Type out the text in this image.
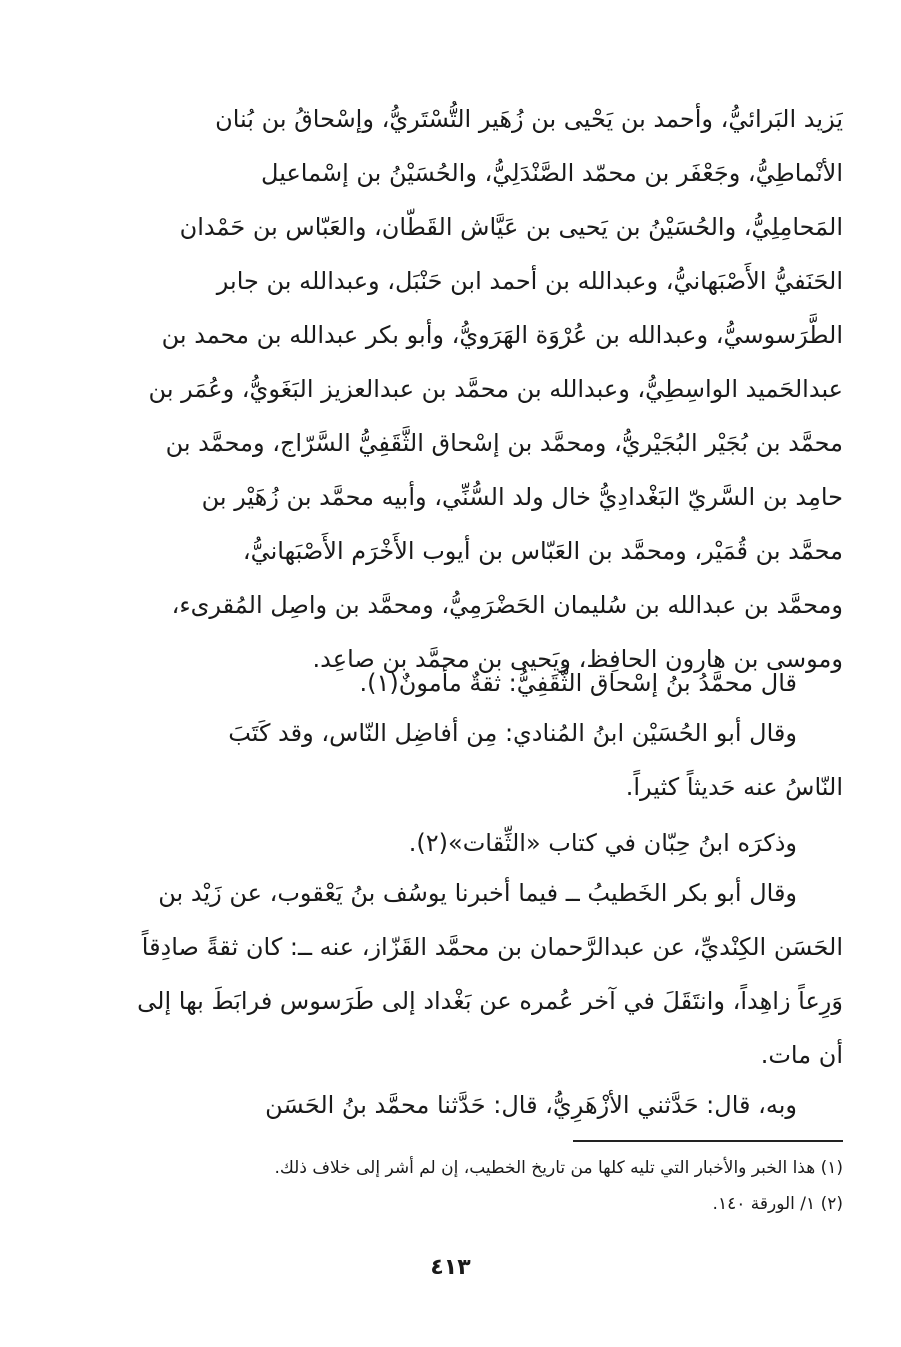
يَزيد البَرائيُّ، وأحمد بن يَحْيى بن زُهَير التُّسْتَريُّ، وإسْحاقُ بن بُنان
الأنْماطِيُّ، وجَعْفَر بن محمّد الصَّنْدَلِيُّ، والحُسَيْنُ بن إسْماعيل
المَحامِلِيُّ، والحُسَيْنُ بن يَحيى بن عَيَّاش القَطّان، والعَبّاس بن حَمْدان
الحَنَفيُّ الأَصْبَهانيُّ، وعبدالله بن أحمد ابن حَنْبَل، وعبدالله بن جابر
الطَّرَسوسيُّ، وعبدالله بن عُرْوَة الهَرَويُّ، وأبو بكر عبدالله بن محمد بن
عبدالحَميد الواسِطِيُّ، وعبدالله بن محمَّد بن عبدالعزيز البَغَويُّ، وعُمَر بن
محمَّد بن بُجَيْر البُجَيْريُّ، ومحمَّد بن إسْحاق الثَّقَفِيُّ السَّرّاج، ومحمَّد بن
حامِد بن السَّريّ البَغْدادِيُّ خال ولد السُّنِّي، وأبيه محمَّد بن زُهَيْر بن
محمَّد بن قُمَيْر، ومحمَّد بن العَبّاس بن أيوب الأَخْرَم الأَصْبَهانيُّ،
ومحمَّد بن عبدالله بن سُليمان الحَضْرَمِيُّ، ومحمَّد بن واصِل المُقرىء،
وموسى بن هارون الحافِظ، ويَحيى بن محمَّد بن صاعِد.
قال محمَّدُ بنُ إسْحاق الثَّقَفِيُّ: ثقةٌ مأمونٌ(١).
وقال أبو الحُسَيْن ابنُ المُنادي: مِن أفاضِل النّاس، وقد كَتَبَ
النّاسُ عنه حَديثاً كثيراً.
وذكرَه ابنُ حِبّان في كتاب «الثِّقات»(٢).
وقال أبو بكر الخَطيبُ ــ فيما أخبرنا يوسُف بنُ يَعْقوب، عن زَيْد بن
الحَسَن الكِنْديِّ، عن عبدالرَّحمان بن محمَّد القَزّاز، عنه ــ: كان ثقةً صادِقاً
وَرِعاً زاهِداً، وانتَقَلَ في آخر عُمره عن بَغْداد إلى طَرَسوس فرابَطَ بها إلى
أن مات.
وبه، قال: حَدَّثني الأزْهَرِيُّ، قال: حَدَّثنا محمَّد بنُ الحَسَن
(١) هذا الخبر والأخبار التي تليه كلها من تاريخ الخطيب، إن لم أشر إلى خلاف ذلك.
(٢) ١/ الورقة ١٤٠.
٤١٣
